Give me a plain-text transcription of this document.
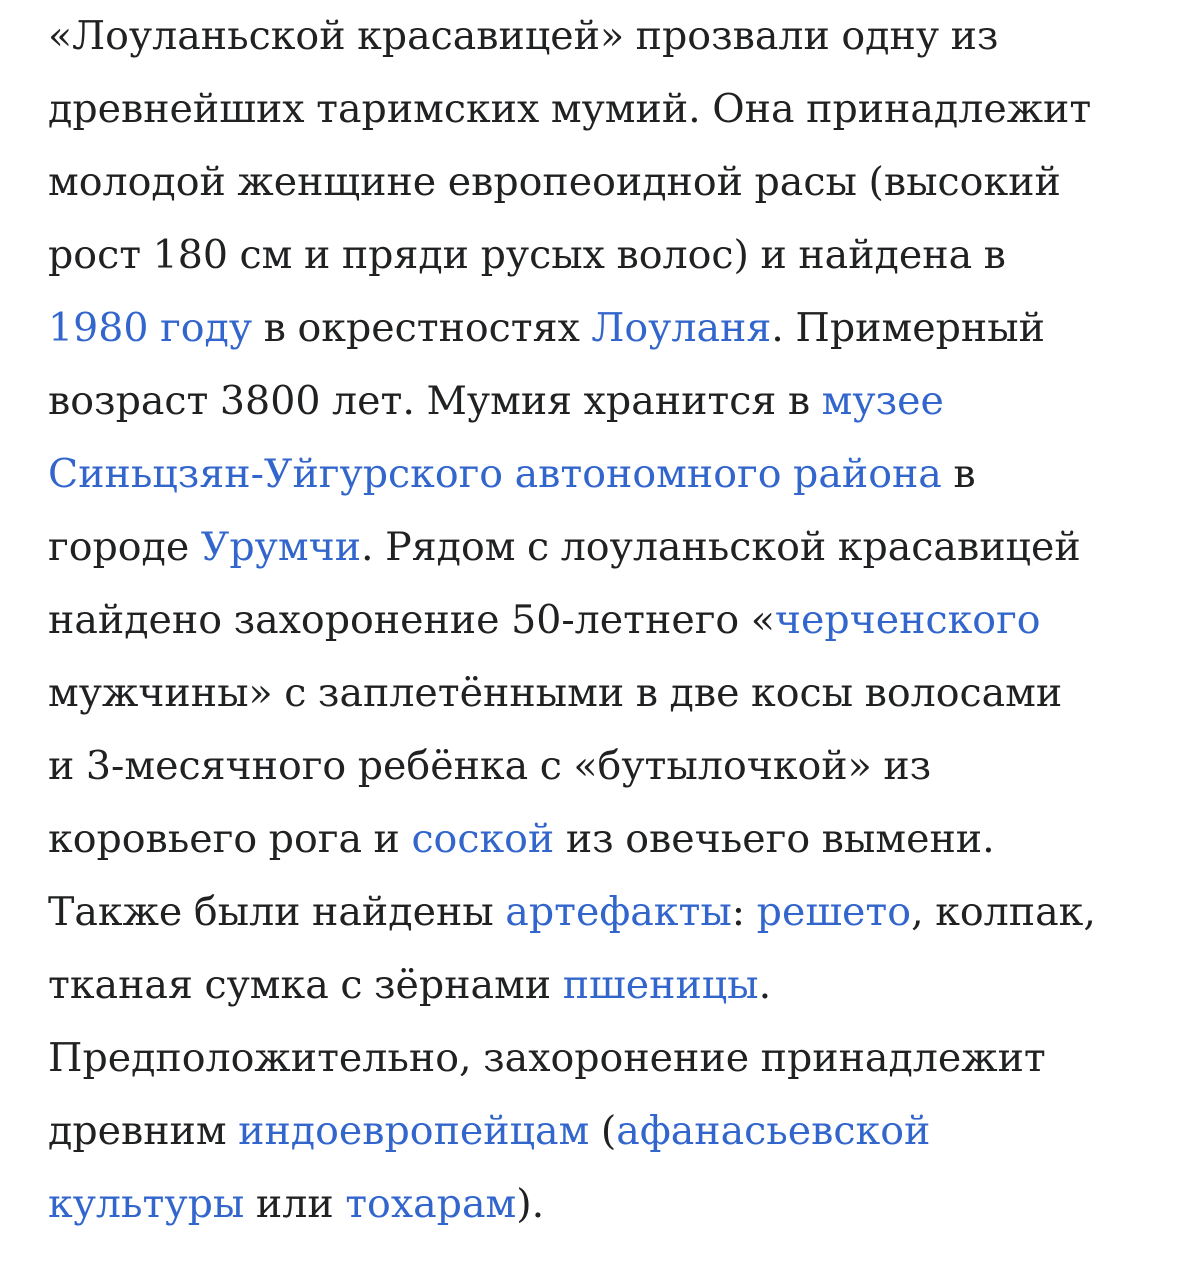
«Лоуланьской красавицей» прозвали одну из
древнейших таримских мумий. Она принадлежит
молодой женщине европеоидной расы (высокий
рост 180 см и пряди русых волос) и найдена в
1980 году в окрестностях Лоуланя. Примерный
возраст 3800 лет. Мумия хранится в музее
Синьцзян-Уйгурского автономного района в
городе Урумчи. Рядом с лоуланьской красавицей
найдено захоронение 50-летнего «черченского
мужчины» с заплетёнными в две косы волосами
и 3-месячного ребёнка с «бутылочкой» из
коровьего рога и соской из овечьего вымени.
Также были найдены артефакты: решето, колпак,
тканая сумка с зёрнами пшеницы.
Предположительно, захоронение принадлежит
древним индоевропейцам (афанасьевской
культуры или тохарам).
